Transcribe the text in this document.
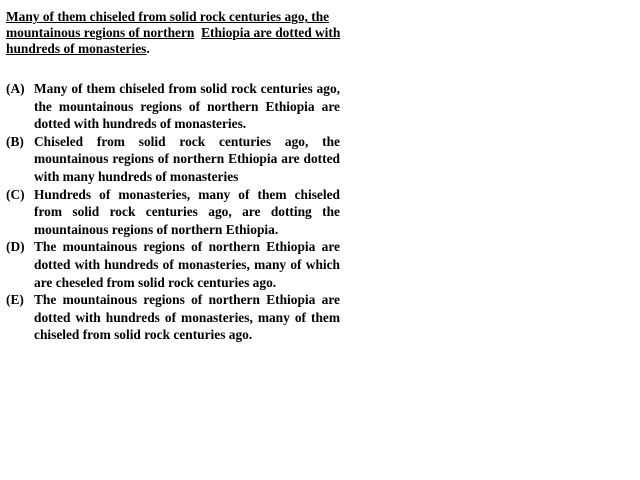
Many of them chiseled from solid rock centuries ago, the
mountainous regions of northern Ethiopia are dotted with
hundreds of monasteries.
(A) Many of them chiseled from solid rock centuries ago, the mountainous regions of northern Ethiopia are dotted with hundreds of monasteries.
(B) Chiseled from solid rock centuries ago, the mountainous regions of northern Ethiopia are dotted with many hundreds of monasteries
(C) Hundreds of monasteries, many of them chiseled from solid rock centuries ago, are dotting the mountainous regions of northern Ethiopia.
(D) The mountainous regions of northern Ethiopia are dotted with hundreds of monasteries, many of which are cheseled from solid rock centuries ago.
(E) The mountainous regions of northern Ethiopia are dotted with hundreds of monasteries, many of them chiseled from solid rock centuries ago.
